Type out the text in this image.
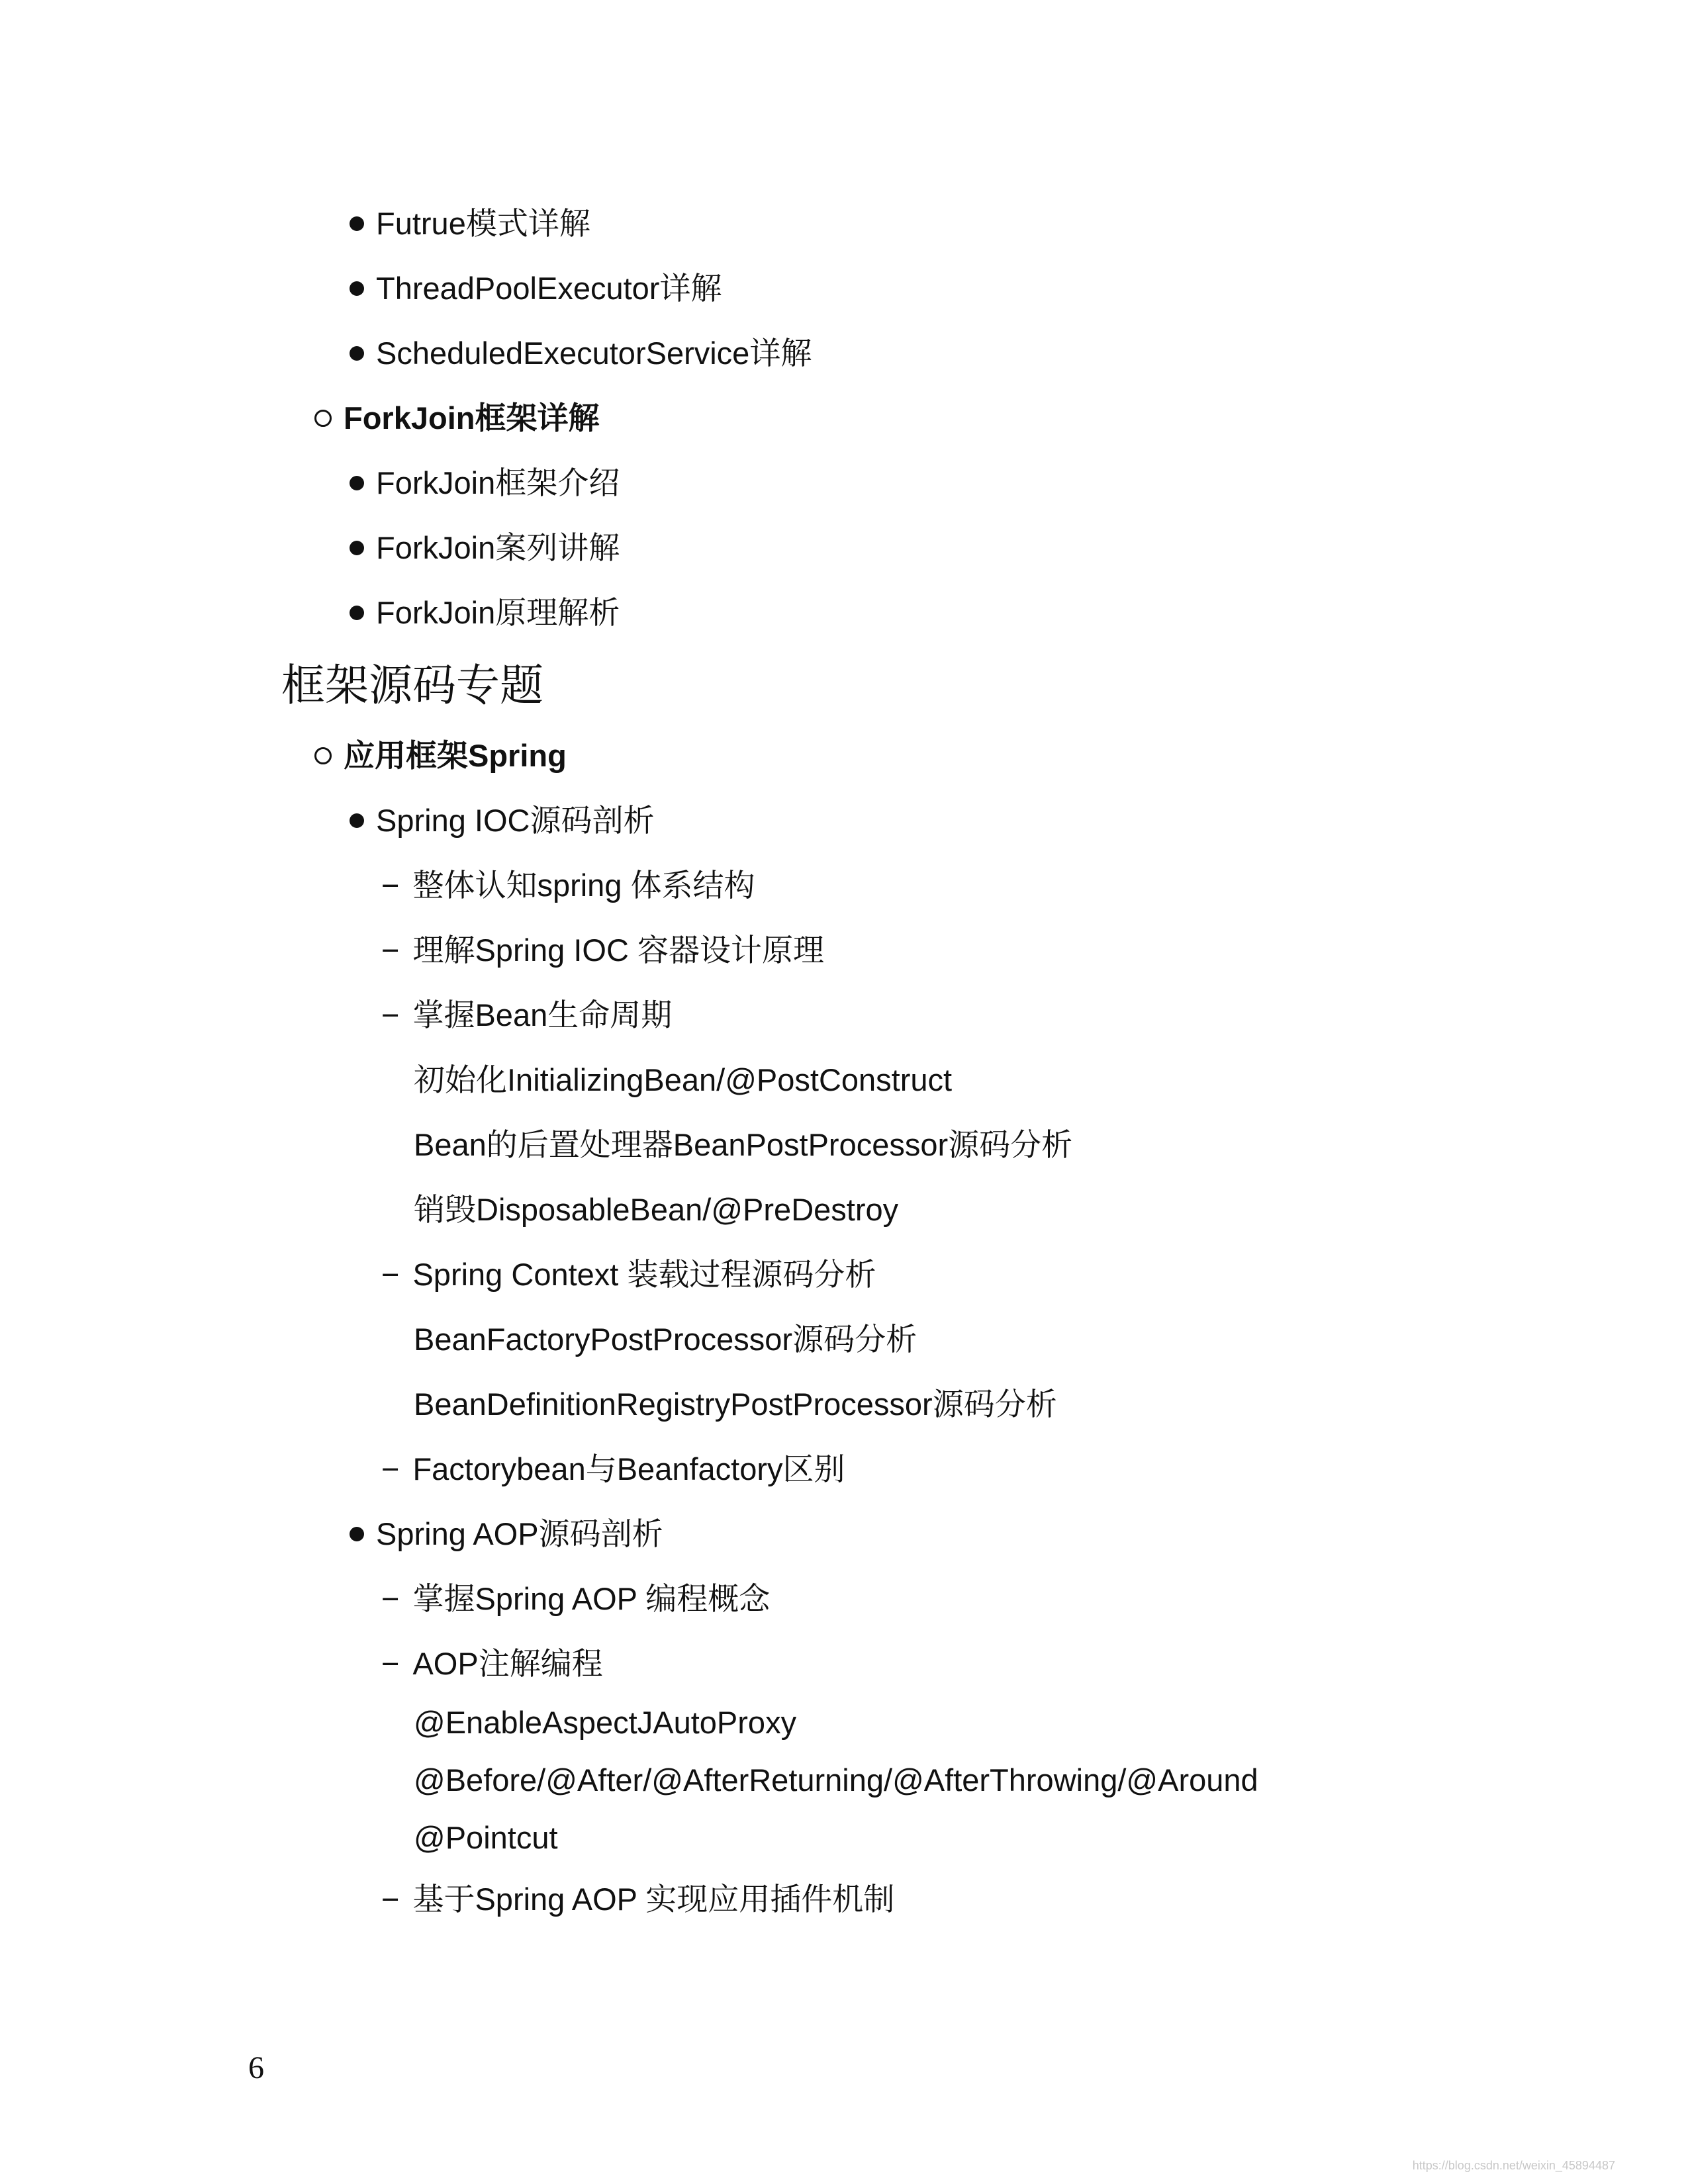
Futrue模式详解
ThreadPoolExecutor详解
ScheduledExecutorService详解
ForkJoin框架详解
ForkJoin框架介绍
ForkJoin案列讲解
ForkJoin原理解析
框架源码专题
应用框架Spring
Spring IOC源码剖析
− 整体认知spring 体系结构
− 理解Spring IOC 容器设计原理
− 掌握Bean生命周期
初始化InitializingBean/@PostConstruct
Bean的后置处理器BeanPostProcessor源码分析
销毁DisposableBean/@PreDestroy
− Spring Context 装载过程源码分析
BeanFactoryPostProcessor源码分析
BeanDefinitionRegistryPostProcessor源码分析
− Factorybean与Beanfactory区别
Spring AOP源码剖析
− 掌握Spring AOP 编程概念
− AOP注解编程
@EnableAspectJAutoProxy
@Before/@After/@AfterReturning/@AfterThrowing/@Around
@Pointcut
− 基于Spring AOP 实现应用插件机制
6
https://blog.csdn.net/weixin_45894487
